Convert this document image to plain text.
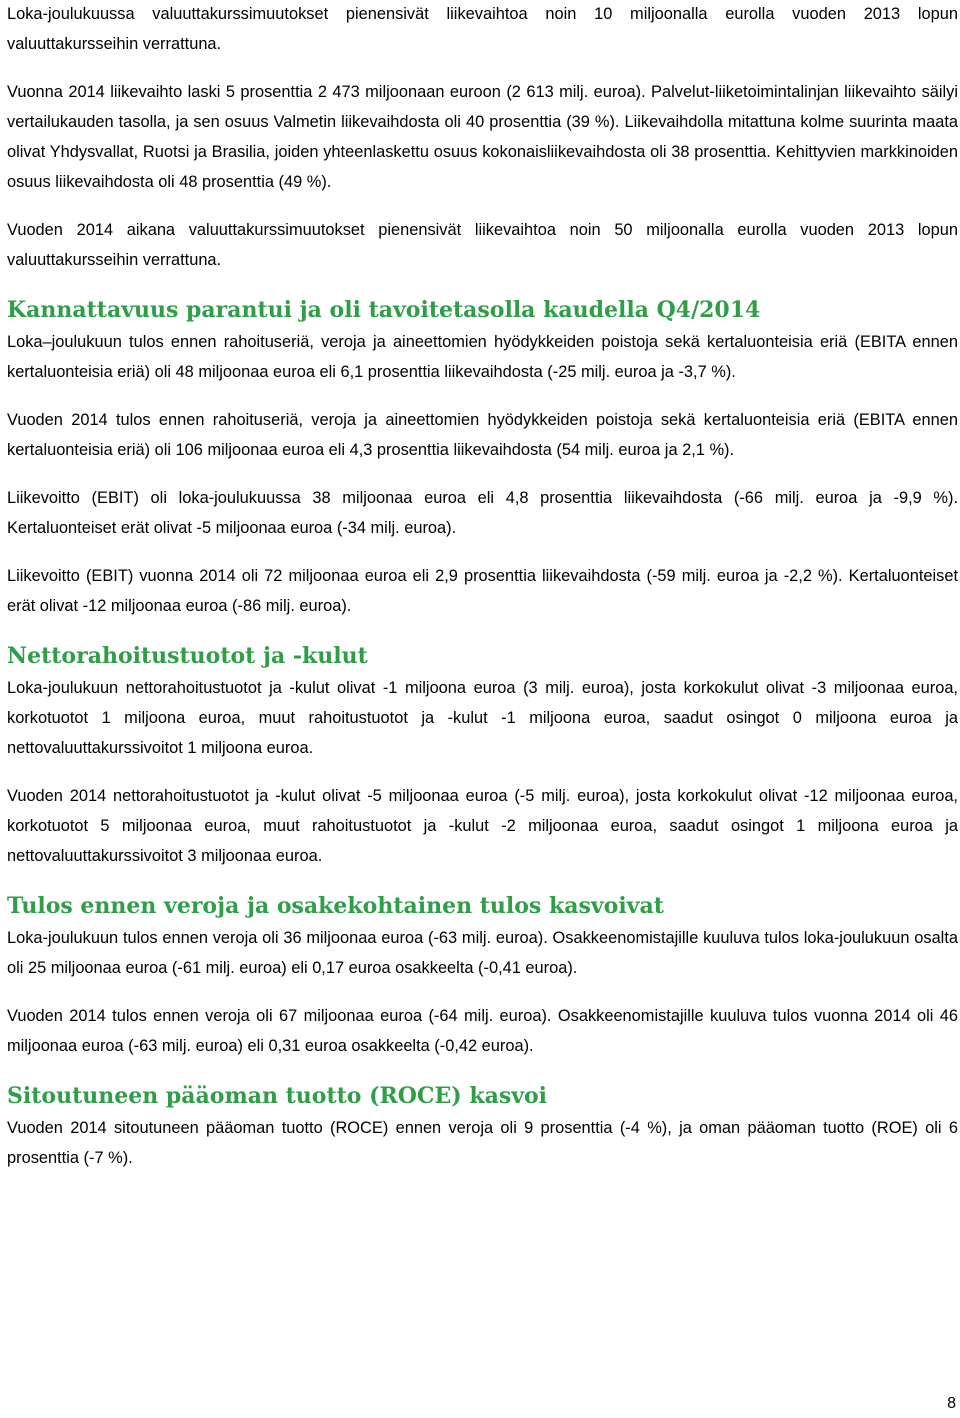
Loka-joulukuussa valuuttakurssimuutokset pienensivät liikevaihtoa noin 10 miljoonalla eurolla vuoden 2013 lopun valuuttakursseihin verrattuna.

Vuonna 2014 liikevaihto laski 5 prosenttia 2 473 miljoonaan euroon (2 613 milj. euroa). Palvelut-liiketoimintalinjan liikevaihto säilyi vertailukauden tasolla, ja sen osuus Valmetin liikevaihdosta oli 40 prosenttia (39 %). Liikevaihdolla mitattuna kolme suurinta maata olivat Yhdysvallat, Ruotsi ja Brasilia, joiden yhteenlaskettu osuus kokonaisliikevaihdosta oli 38 prosenttia. Kehittyvien markkinoiden osuus liikevaihdosta oli 48 prosenttia (49 %).

Vuoden 2014 aikana valuuttakurssimuutokset pienensivät liikevaihtoa noin 50 miljoonalla eurolla vuoden 2013 lopun valuuttakursseihin verrattuna.

Kannattavuus parantui ja oli tavoitetasolla kaudella Q4/2014

Loka–joulukuun tulos ennen rahoituseriä, veroja ja aineettomien hyödykkeiden poistoja sekä kertaluonteisia eriä (EBITA ennen kertaluonteisia eriä) oli 48 miljoonaa euroa eli 6,1 prosenttia liikevaihdosta (-25 milj. euroa ja -3,7 %).

Vuoden 2014 tulos ennen rahoituseriä, veroja ja aineettomien hyödykkeiden poistoja sekä kertaluonteisia eriä (EBITA ennen kertaluonteisia eriä) oli 106 miljoonaa euroa eli 4,3 prosenttia liikevaihdosta (54 milj. euroa ja 2,1 %).

Liikevoitto (EBIT) oli loka-joulukuussa 38 miljoonaa euroa eli 4,8 prosenttia liikevaihdosta (-66 milj. euroa ja -9,9 %). Kertaluonteiset erät olivat -5 miljoonaa euroa (-34 milj. euroa).

Liikevoitto (EBIT) vuonna 2014 oli 72 miljoonaa euroa eli 2,9 prosenttia liikevaihdosta (-59 milj. euroa ja -2,2 %). Kertaluonteiset erät olivat -12 miljoonaa euroa (-86 milj. euroa).

Nettorahoitustuotot ja -kulut

Loka-joulukuun nettorahoitustuotot ja -kulut olivat -1 miljoona euroa (3 milj. euroa), josta korkokulut olivat -3 miljoonaa euroa, korkotuotot 1 miljoona euroa, muut rahoitustuotot ja -kulut -1 miljoona euroa, saadut osingot 0 miljoona euroa ja nettovaluuttakurssivoitot 1 miljoona euroa.

Vuoden 2014 nettorahoitustuotot ja -kulut olivat -5 miljoonaa euroa (-5 milj. euroa), josta korkokulut olivat -12 miljoonaa euroa, korkotuotot 5 miljoonaa euroa, muut rahoitustuotot ja -kulut -2 miljoonaa euroa, saadut osingot 1 miljoona euroa ja nettovaluuttakurssivoitot 3 miljoonaa euroa.

Tulos ennen veroja ja osakekohtainen tulos kasvoivat

Loka-joulukuun tulos ennen veroja oli 36 miljoonaa euroa (-63 milj. euroa). Osakkeenomistajille kuuluva tulos loka-joulukuun osalta oli 25 miljoonaa euroa (-61 milj. euroa) eli 0,17 euroa osakkeelta (-0,41 euroa).

Vuoden 2014 tulos ennen veroja oli 67 miljoonaa euroa (-64 milj. euroa). Osakkeenomistajille kuuluva tulos vuonna 2014 oli 46 miljoonaa euroa (-63 milj. euroa) eli 0,31 euroa osakkeelta (-0,42 euroa).

Sitoutuneen pääoman tuotto (ROCE) kasvoi

Vuoden 2014 sitoutuneen pääoman tuotto (ROCE) ennen veroja oli 9 prosenttia (-4 %), ja oman pääoman tuotto (ROE) oli 6 prosenttia (-7 %).

8
